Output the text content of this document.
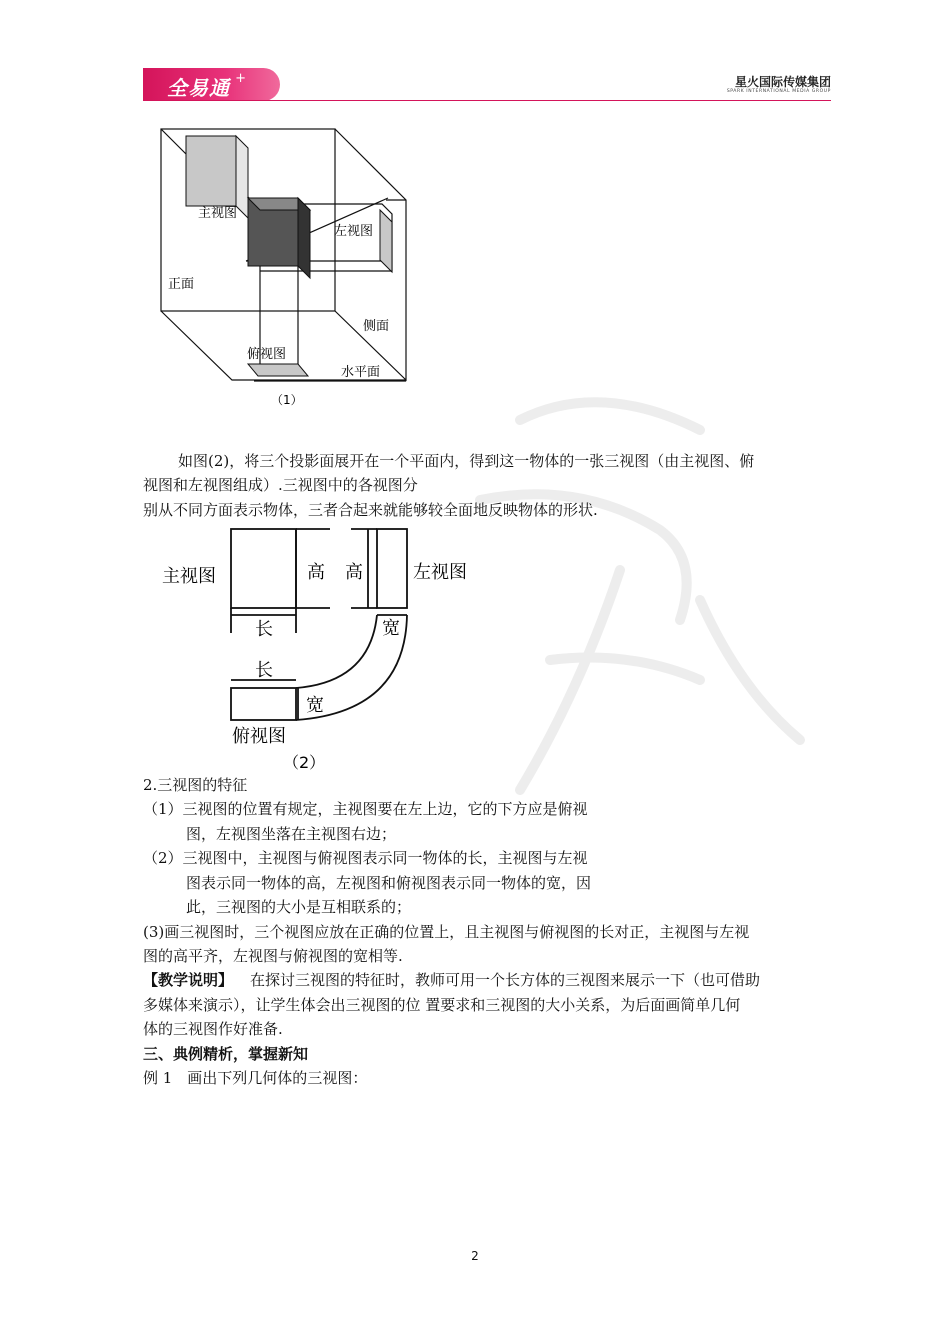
全易通 +	星火国际传媒集团
SPARK INTERNATIONAL MEDIA GROUP
主视图
左视图
正面
侧面
俯视图
水平面
（1）
如图(2)，将三个投影面展开在一个平面内，得到这一物体的一张三视图（由主视图、俯
视图和左视图组成）.三视图中的各视图分
别从不同方面表示物体，三者合起来就能够较全面地反映物体的形状.
主视图	高 高	左视图
长	宽
长
宽
俯视图
（2）
2.三视图的特征
（1）三视图的位置有规定，主视图要在左上边，它的下方应是俯视
图，左视图坐落在主视图右边；
（2）三视图中，主视图与俯视图表示同一物体的长，主视图与左视
图表示同一物体的高，左视图和俯视图表示同一物体的宽，因
此，三视图的大小是互相联系的；
(3)画三视图时，三个视图应放在正确的位置上，且主视图与俯视图的长对正，主视图与左视
图的高平齐，左视图与俯视图的宽相等.
【教学说明】 在探讨三视图的特征时，教师可用一个长方体的三视图来展示一下（也可借助
多媒体来演示），让学生体会出三视图的位 置要求和三视图的大小关系，为后面画简单几何
体的三视图作好准备.
三、典例精析，掌握新知
例 1　画出下列几何体的三视图：
2
